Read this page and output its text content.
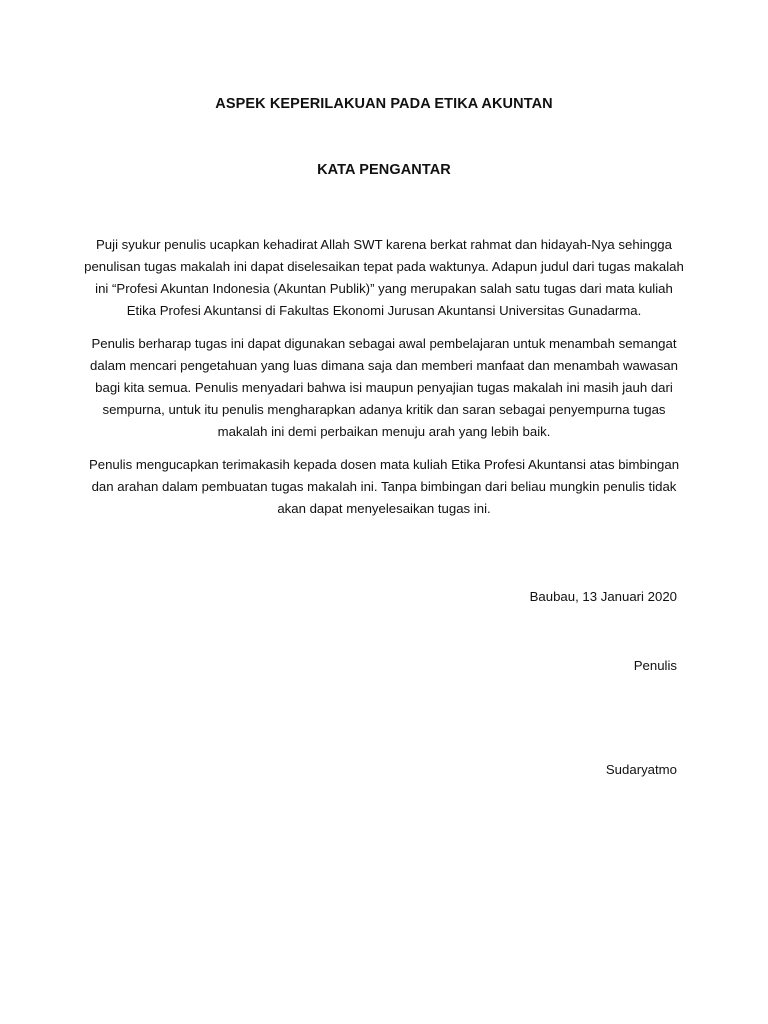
ASPEK KEPERILAKUAN PADA ETIKA AKUNTAN
KATA PENGANTAR

Puji syukur penulis ucapkan kehadirat Allah SWT karena berkat rahmat dan hidayah-Nya sehingga penulisan tugas makalah ini dapat diselesaikan tepat pada waktunya. Adapun judul dari tugas makalah ini “Profesi Akuntan Indonesia (Akuntan Publik)” yang merupakan salah satu tugas dari mata kuliah Etika Profesi Akuntansi di Fakultas Ekonomi Jurusan Akuntansi Universitas Gunadarma.

Penulis berharap tugas ini dapat digunakan sebagai awal pembelajaran untuk menambah semangat dalam mencari pengetahuan yang luas dimana saja dan memberi manfaat dan menambah wawasan bagi kita semua. Penulis menyadari bahwa isi maupun penyajian tugas makalah ini masih jauh dari sempurna, untuk itu penulis mengharapkan adanya kritik dan saran sebagai penyempurna tugas makalah ini demi perbaikan menuju arah yang lebih baik.

Penulis mengucapkan terimakasih kepada dosen mata kuliah Etika Profesi Akuntansi atas bimbingan dan arahan dalam pembuatan tugas makalah ini. Tanpa bimbingan dari beliau mungkin penulis tidak akan dapat menyelesaikan tugas ini.

Baubau, 13 Januari 2020
Penulis
Sudaryatmo
